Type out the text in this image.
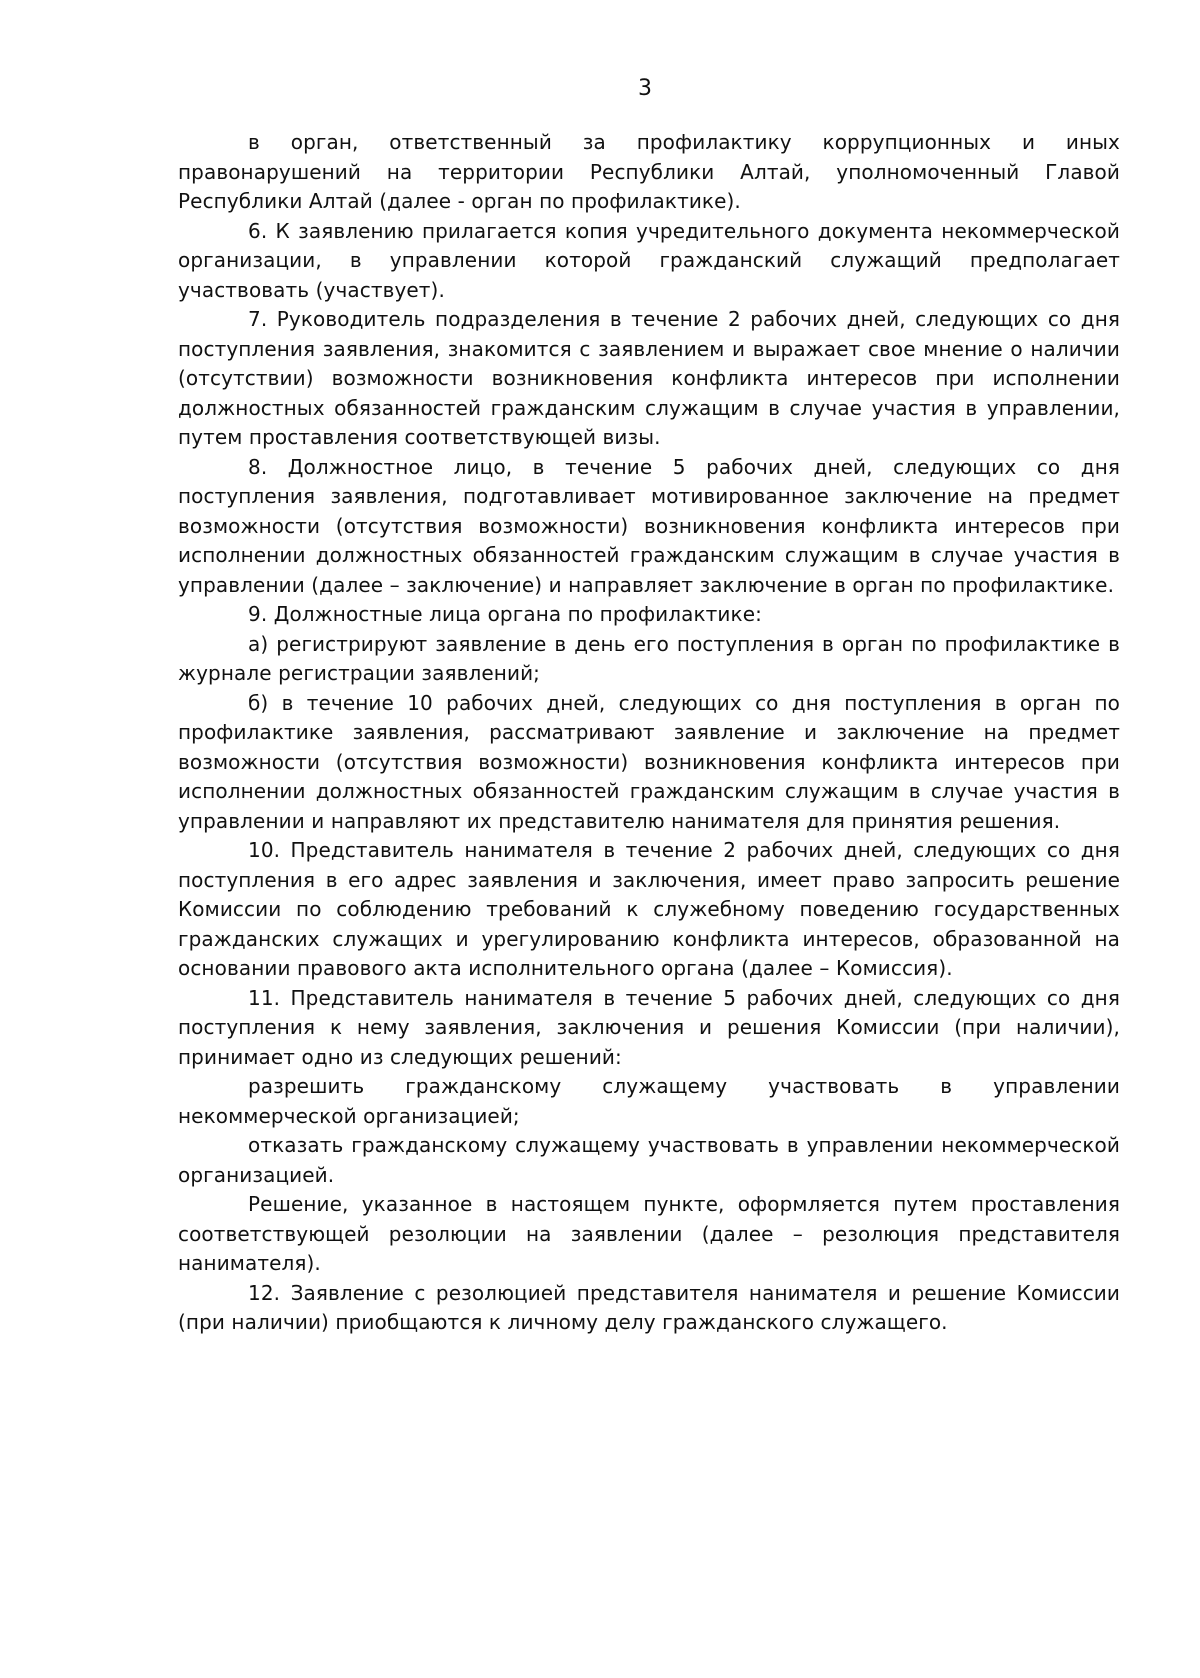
3

в орган, ответственный за профилактику коррупционных и иных правонарушений на территории Республики Алтай, уполномоченный Главой Республики Алтай (далее - орган по профилактике).

6. К заявлению прилагается копия учредительного документа некоммерческой организации, в управлении которой гражданский служащий предполагает участвовать (участвует).

7. Руководитель подразделения в течение 2 рабочих дней, следующих со дня поступления заявления, знакомится с заявлением и выражает свое мнение о наличии (отсутствии) возможности возникновения конфликта интересов при исполнении должностных обязанностей гражданским служащим в случае участия в управлении, путем проставления соответствующей визы.

8. Должностное лицо, в течение 5 рабочих дней, следующих со дня поступления заявления, подготавливает мотивированное заключение на предмет возможности (отсутствия возможности) возникновения конфликта интересов при исполнении должностных обязанностей гражданским служащим в случае участия в управлении (далее – заключение) и направляет заключение в орган по профилактике.

9. Должностные лица органа по профилактике:

а) регистрируют заявление в день его поступления в орган по профилактике в журнале регистрации заявлений;

б) в течение 10 рабочих дней, следующих со дня поступления в орган по профилактике заявления, рассматривают заявление и заключение на предмет возможности (отсутствия возможности) возникновения конфликта интересов при исполнении должностных обязанностей гражданским служащим в случае участия в управлении и направляют их представителю нанимателя для принятия решения.

10. Представитель нанимателя в течение 2 рабочих дней, следующих со дня поступления в его адрес заявления и заключения, имеет право запросить решение Комиссии по соблюдению требований к служебному поведению государственных гражданских служащих и урегулированию конфликта интересов, образованной на основании правового акта исполнительного органа (далее – Комиссия).

11. Представитель нанимателя в течение 5 рабочих дней, следующих со дня поступления к нему заявления, заключения и решения Комиссии (при наличии), принимает одно из следующих решений:

разрешить гражданскому служащему участвовать в управлении некоммерческой организацией;

отказать гражданскому служащему участвовать в управлении некоммерческой организацией.

Решение, указанное в настоящем пункте, оформляется путем проставления соответствующей резолюции на заявлении (далее – резолюция представителя нанимателя).

12. Заявление с резолюцией представителя нанимателя и решение Комиссии (при наличии) приобщаются к личному делу гражданского служащего.
